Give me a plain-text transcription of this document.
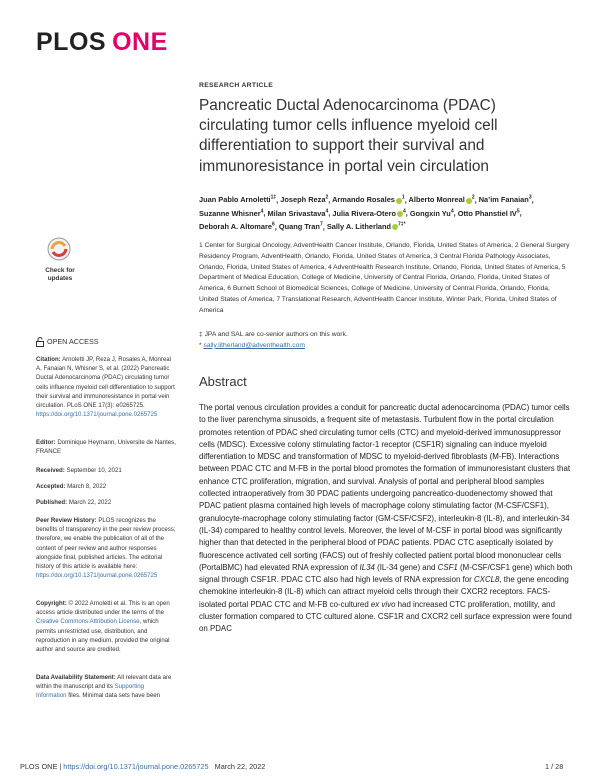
PLOS ONE
RESEARCH ARTICLE
Pancreatic Ductal Adenocarcinoma (PDAC) circulating tumor cells influence myeloid cell differentiation to support their survival and immunoresistance in portal vein circulation
Juan Pablo Arnoletti$^{1\ddagger}$, Joseph Reza$^2$, Armando Rosales $^1$, Alberto Monreal $^2$, Na’im Fanaian$^3$, Suzanne Whisner$^4$, Milan Srivastava$^4$, Julia Rivera-Otero $^4$, Gongxin Yu$^4$, Otto Phanstiel $IV^5$, Deborah A. Altomare$^6$, Quang Tran$^7$, Sally A. Litherland $^{7\ddagger*}$
1 Center for Surgical Oncology, AdventHealth Cancer Institute, Orlando, Florida, United States of America, 2 General Surgery Residency Program, AdventHealth, Orlando, Florida, United States of America, 3 Central Florida Pathology Associates, Orlando, Florida, United States of America, 4 AdventHealth Research Institute, Orlando, Florida, United States of America, 5 Department of Medical Education, College of Medicine, University of Central Florida, Orlando, Florida, United States of America, 6 Burnett School of Biomedical Sciences, College of Medicine, University of Central Florida, Orlando, Florida, United States of America, 7 Translational Research, AdventHealth Cancer Institute, Winter Park, Florida, United States of America
‡ JPA and SAL are co-senior authors on this work.
* sally.litherland@adventhealth.com
Abstract
The portal venous circulation provides a conduit for pancreatic ductal adenocarcinoma (PDAC) tumor cells to the liver parenchyma sinusoids, a frequent site of metastasis. Turbulent flow in the portal circulation promotes retention of PDAC shed circulating tumor cells (CTC) and myeloid-derived immunosuppressor cells (MDSC). Excessive colony stimulating factor-1 receptor (CSF1R) signaling can induce myeloid differentiation to MDSC and transformation of MDSC to myeloid-derived fibroblasts (M-FB). Interactions between PDAC CTC and M-FB in the portal blood promotes the formation of immunoresistant clusters that enhance CTC proliferation, migration, and survival. Analysis of portal and peripheral blood samples collected intraoperatively from 30 PDAC patients undergoing pancreatico-duodenectomy showed that PDAC patient plasma contained high levels of macrophage colony stimulating factor (M-CSF/CSF1), granulocyte-macrophage colony stimulating factor (GM-CSF/CSF2), interleukin-8 (IL-8), and interleukin-34 (IL-34) compared to healthy control levels. Moreover, the level of M-CSF in portal blood was significantly higher than that detected in the peripheral blood of PDAC patients. PDAC CTC aseptically isolated by fluorescence activated cell sorting (FACS) out of freshly collected patient portal blood mononuclear cells (PortalBMC) had elevated RNA expression of IL34 (IL-34 gene) and CSF1 (M-CSF/CSF1 gene) which both signal through CSF1R. PDAC CTC also had high levels of RNA expression for CXCL8, the gene encoding chemokine interleukin-8 (IL-8) which can attract myeloid cells through their CXCR2 receptors. FACS-isolated portal PDAC CTC and M-FB co-cultured ex vivo had increased CTC proliferation, motility, and cluster formation compared to CTC cultured alone. CSF1R and CXCR2 cell surface expression were found on PDAC
Check for
updates
OPEN ACCESS
Citation: Arnoletti JP, Reza J, Rosales A, Monreal A, Fanaian N, Whisner S, et al. (2022) Pancreatic Ductal Adenocarcinoma (PDAC) circulating tumor cells influence myeloid cell differentiation to support their survival and immunoresistance in portal vein circulation. PLoS ONE 17(3): e0265725. https://doi.org/10.1371/journal.pone.0265725
Editor: Dominique Heymann, Universite de Nantes, FRANCE
Received: September 10, 2021
Accepted: March 8, 2022
Published: March 22, 2022
Peer Review History: PLOS recognizes the benefits of transparency in the peer review process; therefore, we enable the publication of all of the content of peer review and author responses alongside final, published articles. The editorial history of this article is available here: https://doi.org/10.1371/journal.pone.0265725
Copyright: © 2022 Arnoletti et al. This is an open access article distributed under the terms of the Creative Commons Attribution License, which permits unrestricted use, distribution, and reproduction in any medium, provided the original author and source are credited.
Data Availability Statement: All relevant data are within the manuscript and its Supporting Information files. Minimal data sets have been
PLOS ONE | https://doi.org/10.1371/journal.pone.0265725 March 22, 2022	1 / 28
